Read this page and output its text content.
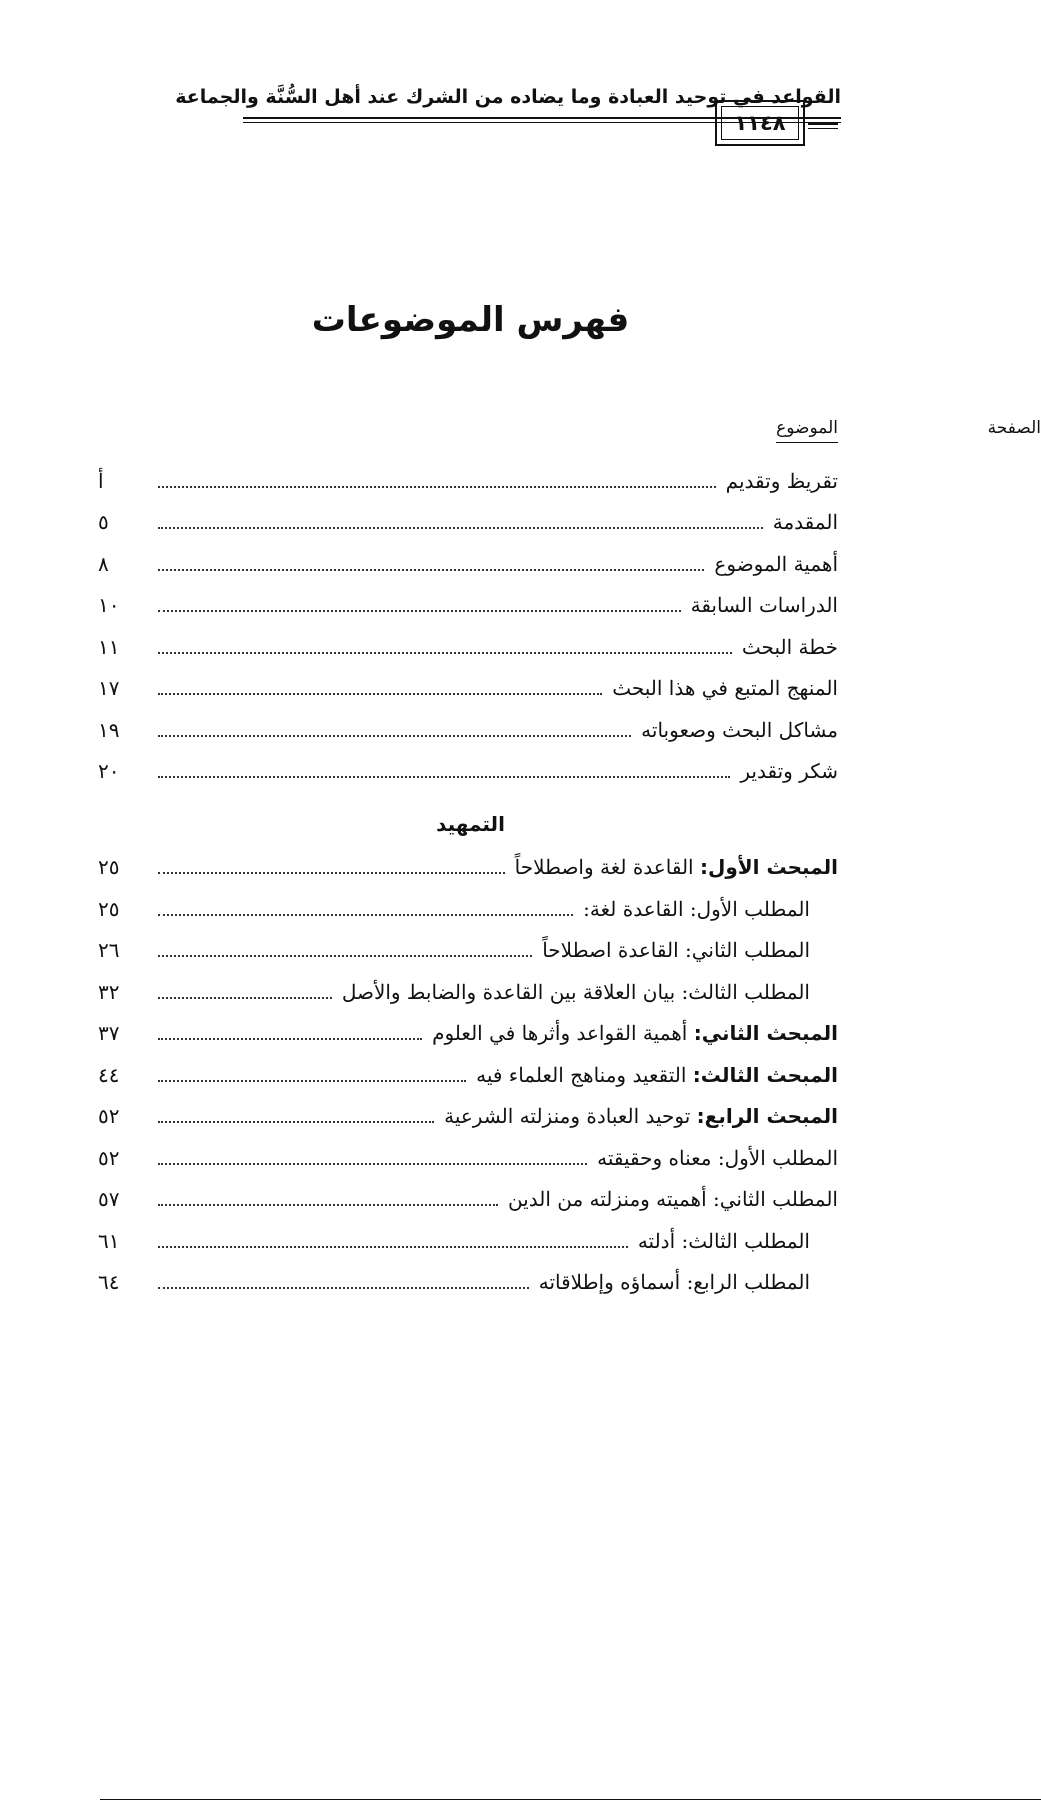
القواعد في توحيد العبادة وما يضاده من الشرك عند أهل السُّنَّة والجماعة
١١٤٨
فهرس الموضوعات
الموضوع	الصفحة
تقريظ وتقديم
أ
المقدمة
٥
أهمية الموضوع
٨
الدراسات السابقة
١٠
خطة البحث
١١
المنهج المتبع في هذا البحث
١٧
مشاكل البحث وصعوباته
١٩
شكر وتقدير
٢٠
التمهيد
المبحث الأول: القاعدة لغة واصطلاحاً
٢٥
المطلب الأول: القاعدة لغة:
٢٥
المطلب الثاني: القاعدة اصطلاحاً
٢٦
المطلب الثالث: بيان العلاقة بين القاعدة والضابط والأصل
٣٢
المبحث الثاني: أهمية القواعد وأثرها في العلوم
٣٧
المبحث الثالث: التقعيد ومناهج العلماء فيه
٤٤
المبحث الرابع: توحيد العبادة ومنزلته الشرعية
٥٢
المطلب الأول: معناه وحقيقته
٥٢
المطلب الثاني: أهميته ومنزلته من الدين
٥٧
المطلب الثالث: أدلته
٦١
المطلب الرابع: أسماؤه وإطلاقاته
٦٤
